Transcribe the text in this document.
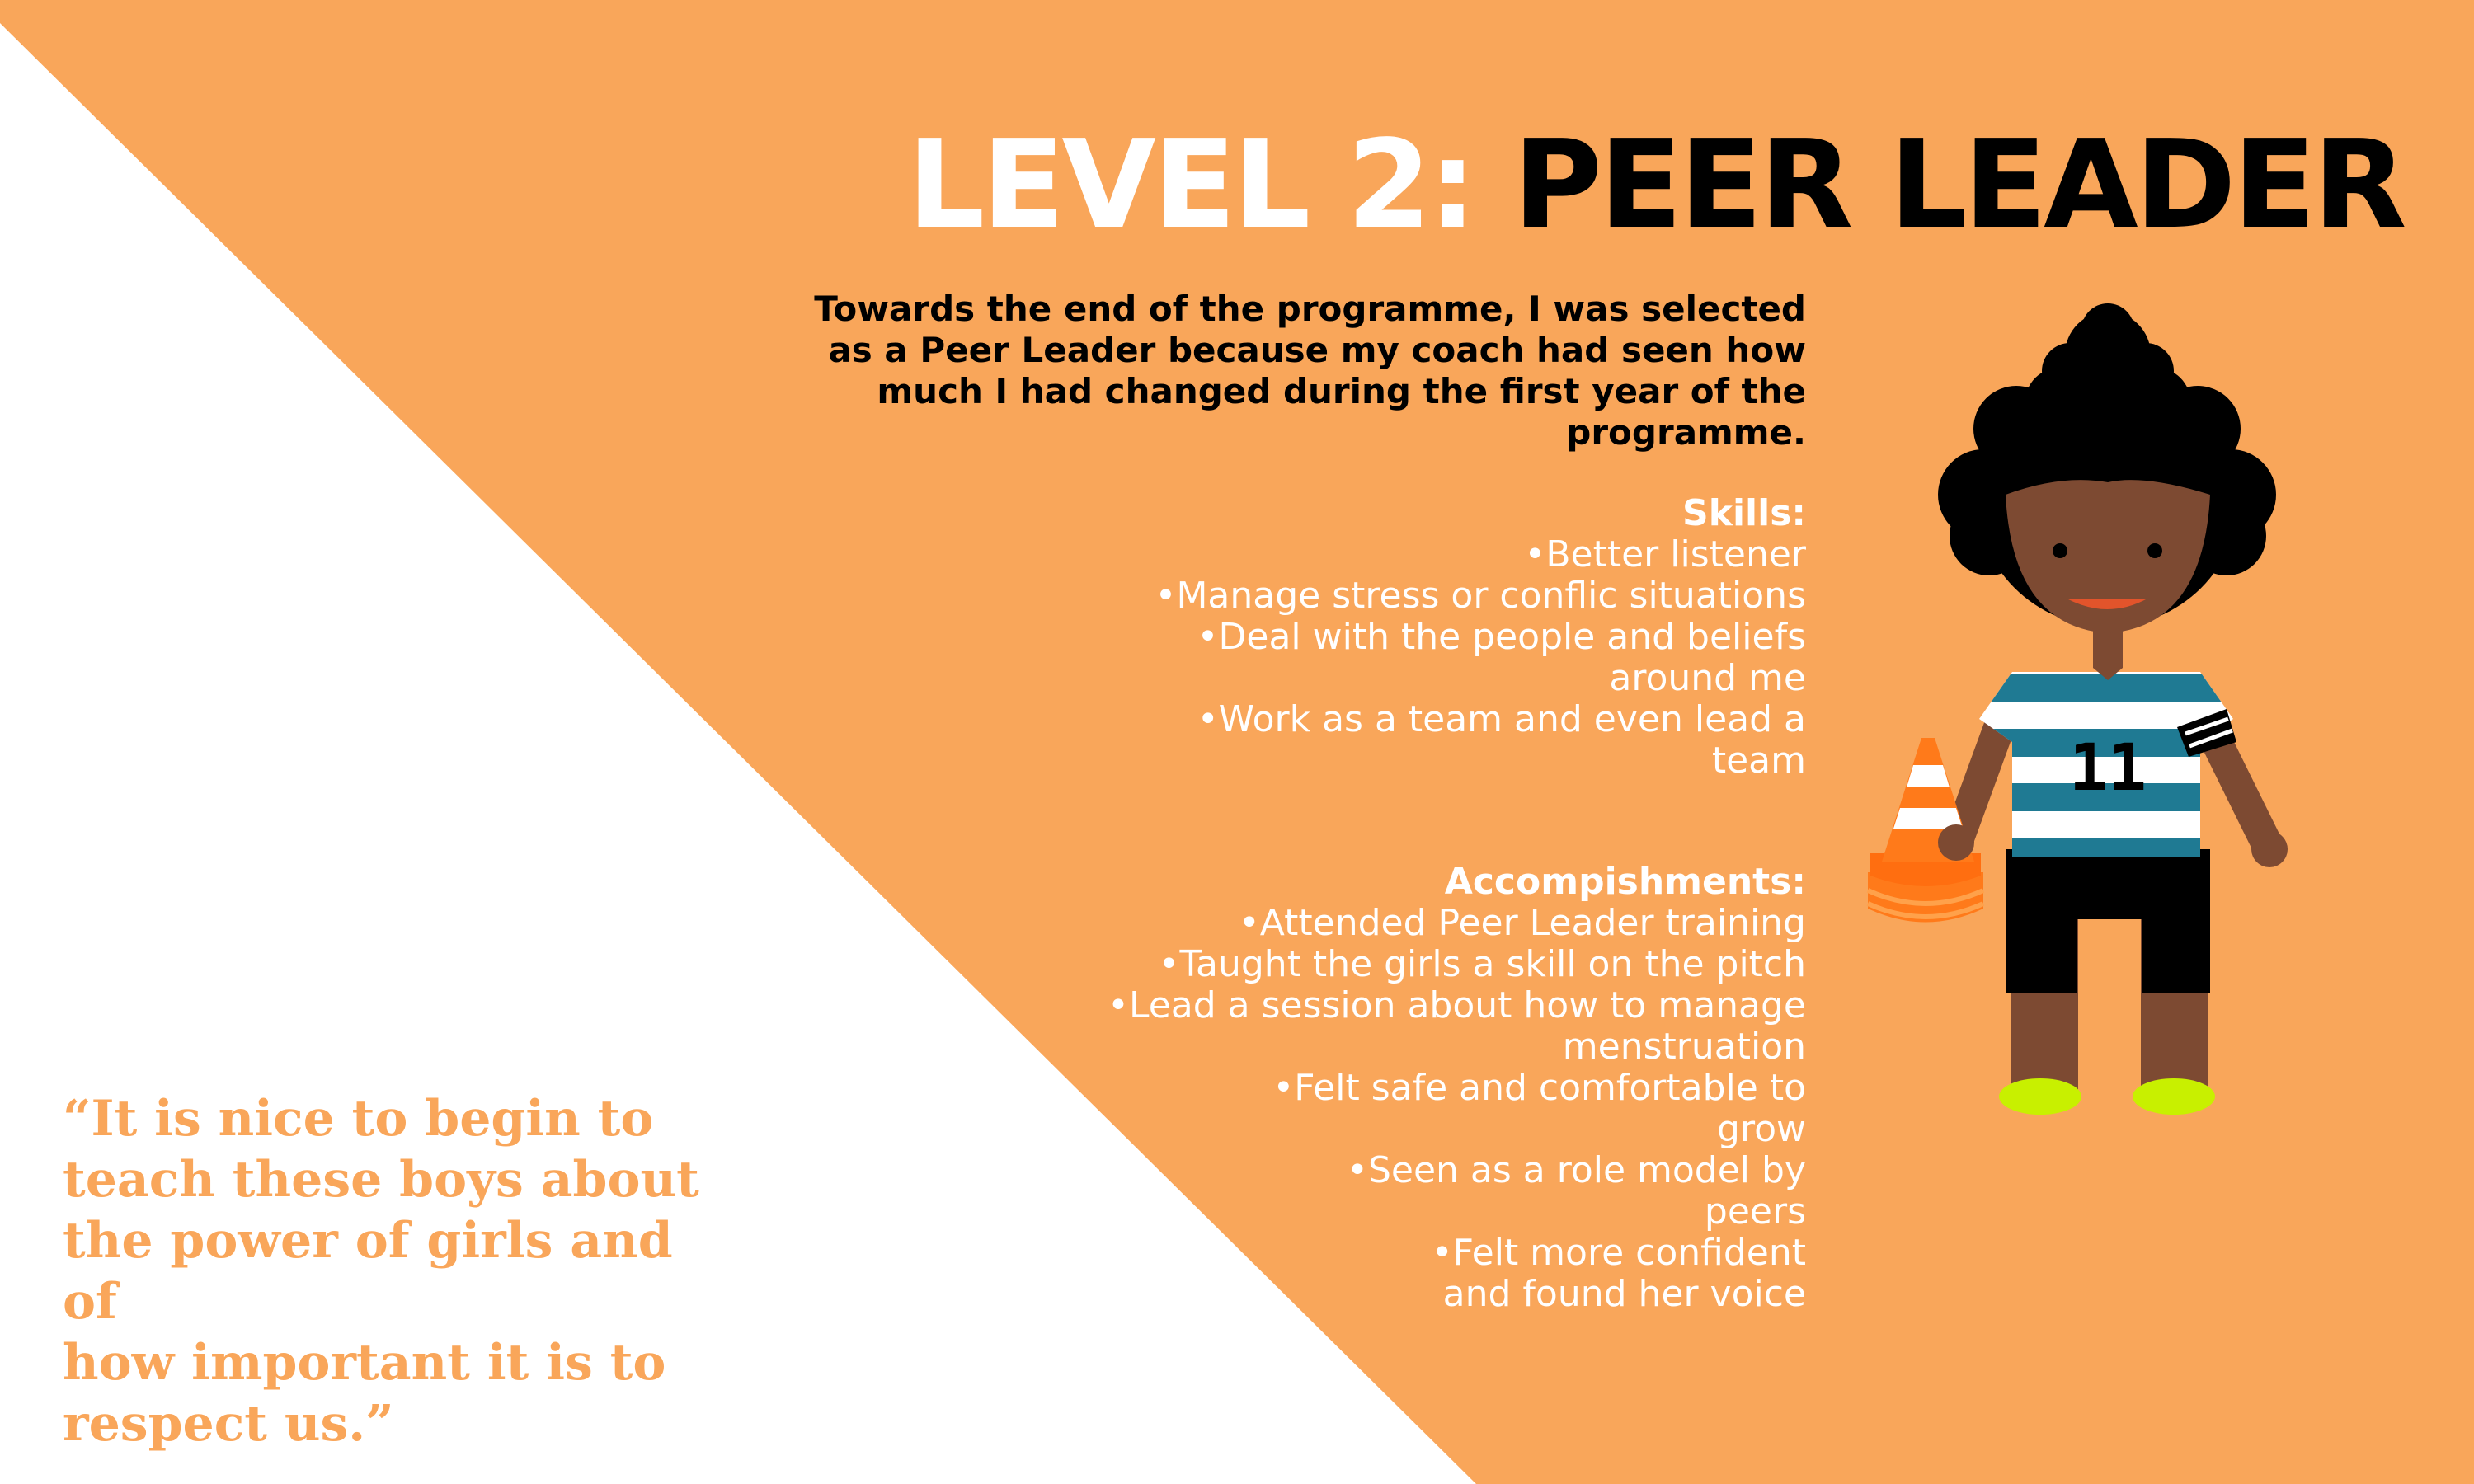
LEVEL 2: PEER LEADER
Towards the end of the programme, I was selected
as a Peer Leader because my coach had seen how
much I had changed during the first year of the
programme.
Skills:
•Better listener
•Manage stress or conflic situations
•Deal with the people and beliefs
around me
•Work as a team and even lead a
team
Accompishments:
•Attended Peer Leader training
•Taught the girls a skill on the pitch
•Lead a session about how to manage
menstruation
•Felt safe and comfortable to
grow
•Seen as a role model by
peers
•Felt more confident
and found her voice
“It is nice to begin to
teach these boys about
the power of girls and of
how important it is to
respect us.”
11
